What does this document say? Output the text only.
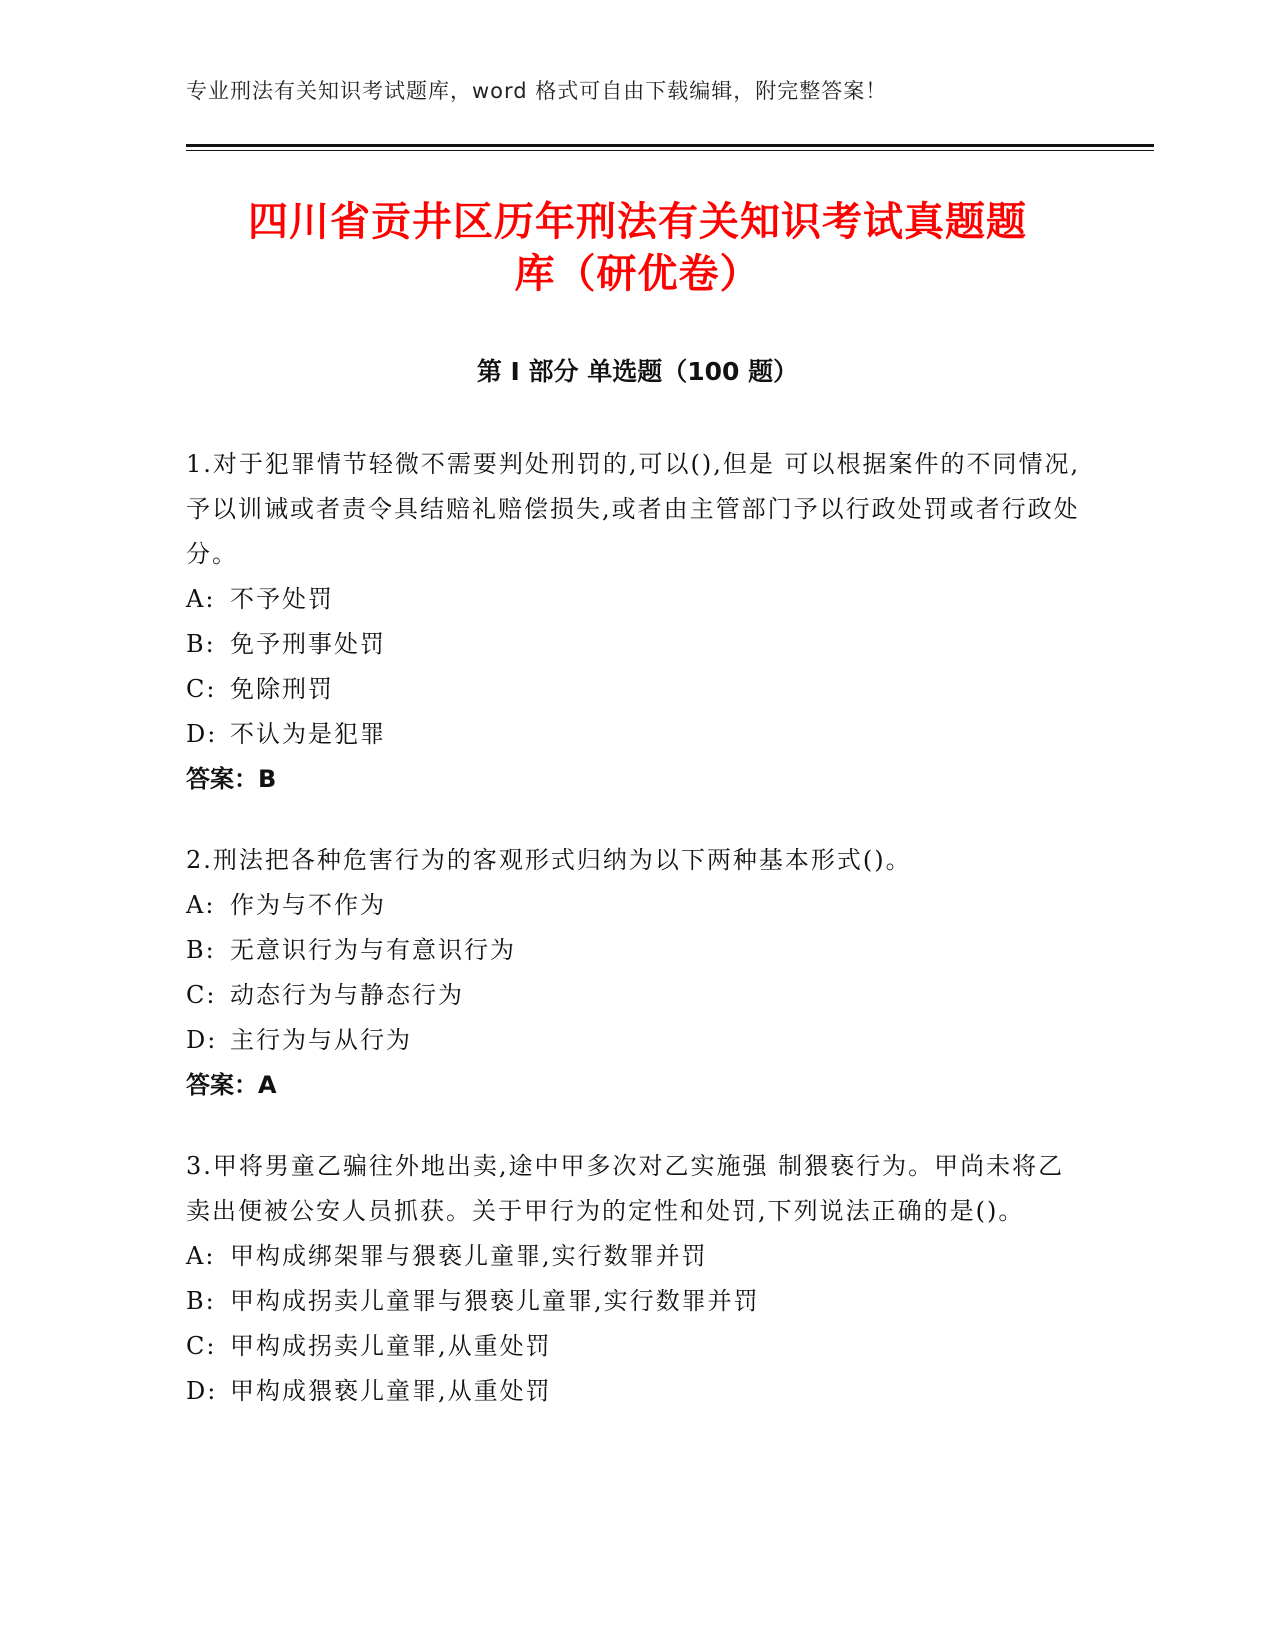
专业刑法有关知识考试题库，word 格式可自由下载编辑，附完整答案！
四川省贡井区历年刑法有关知识考试真题题
库（研优卷）
第 I 部分 单选题（100 题）
1.对于犯罪情节轻微不需要判处刑罚的,可以(),但是 可以根据案件的不同情况,予以训诫或者责令具结赔礼赔偿损失,或者由主管部门予以行政处罚或者行政处分。
A: 不予处罚
B: 免予刑事处罚
C: 免除刑罚
D: 不认为是犯罪
答案：B
2.刑法把各种危害行为的客观形式归纳为以下两种基本形式()。
A: 作为与不作为
B: 无意识行为与有意识行为
C: 动态行为与静态行为
D: 主行为与从行为
答案：A
3.甲将男童乙骗往外地出卖,途中甲多次对乙实施强 制猥亵行为。甲尚未将乙卖出便被公安人员抓获。关于甲行为的定性和处罚,下列说法正确的是()。
A: 甲构成绑架罪与猥亵儿童罪,实行数罪并罚
B: 甲构成拐卖儿童罪与猥亵儿童罪,实行数罪并罚
C: 甲构成拐卖儿童罪,从重处罚
D: 甲构成猥亵儿童罪,从重处罚
